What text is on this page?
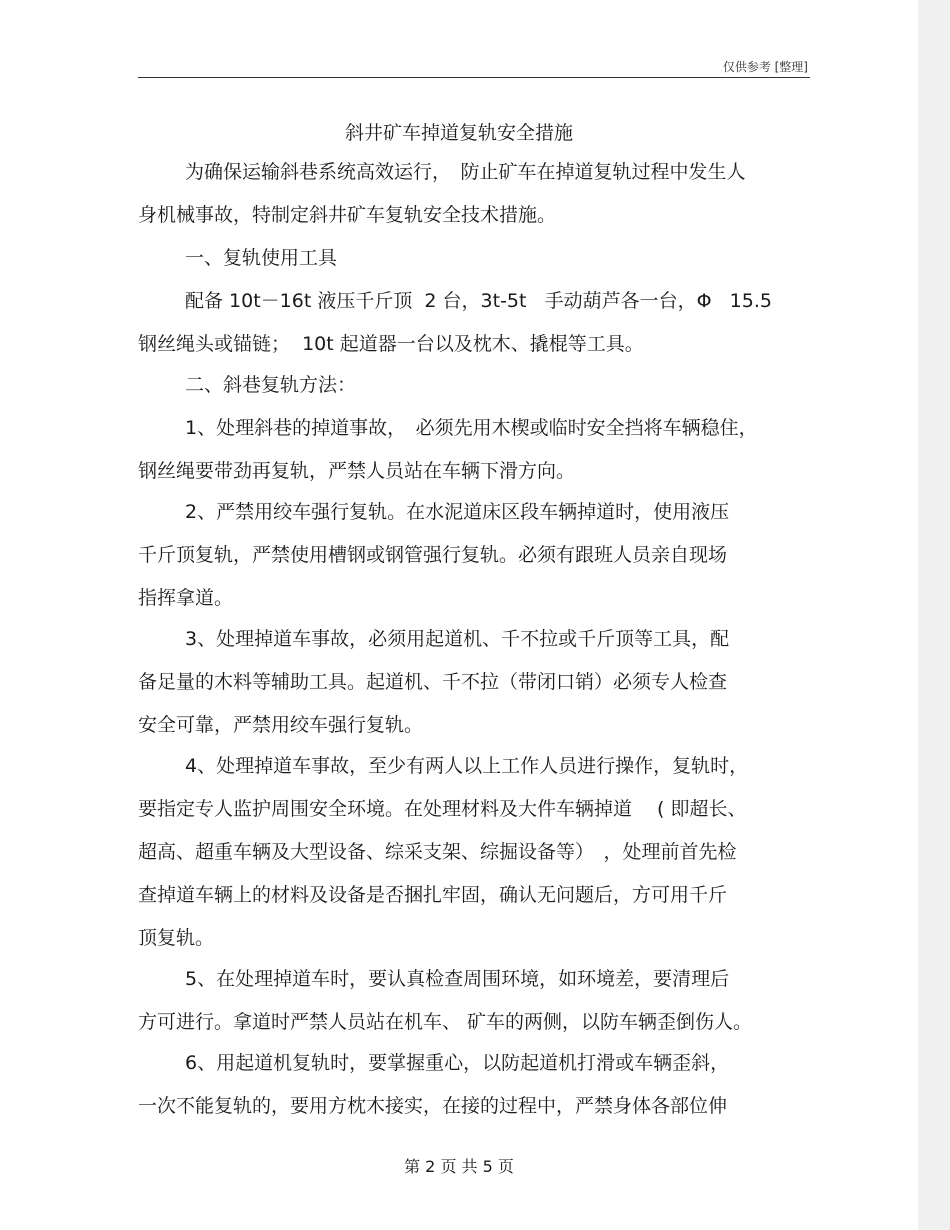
仅供参考 [整理]
斜井矿车掉道复轨安全措施
为确保运输斜巷系统高效运行，　防止矿车在掉道复轨过程中发生人
身机械事故，特制定斜井矿车复轨安全技术措施。
一、复轨使用工具
配备 10t－16t 液压千斤顶  2 台，3t-5t   手动葫芦各一台，Φ   15.5
钢丝绳头或锚链；  10t 起道器一台以及枕木、撬棍等工具。
二、斜巷复轨方法：
1、处理斜巷的掉道事故，　必须先用木楔或临时安全挡将车辆稳住，
钢丝绳要带劲再复轨，严禁人员站在车辆下滑方向。
2、严禁用绞车强行复轨。在水泥道床区段车辆掉道时，使用液压
千斤顶复轨，严禁使用槽钢或钢管强行复轨。必须有跟班人员亲自现场
指挥拿道。
3、处理掉道车事故，必须用起道机、千不拉或千斤顶等工具，配
备足量的木料等辅助工具。起道机、千不拉（带闭口销）必须专人检查
安全可靠，严禁用绞车强行复轨。
4、处理掉道车事故，至少有两人以上工作人员进行操作，复轨时，
要指定专人监护周围安全环境。在处理材料及大件车辆掉道　 ( 即超长、
超高、超重车辆及大型设备、综采支架、综掘设备等）　，处理前首先检
查掉道车辆上的材料及设备是否捆扎牢固，确认无问题后，方可用千斤
顶复轨。
5、在处理掉道车时，要认真检查周围环境，如环境差，要清理后
方可进行。拿道时严禁人员站在机车、 矿车的两侧，以防车辆歪倒伤人。
6、用起道机复轨时，要掌握重心，以防起道机打滑或车辆歪斜，
一次不能复轨的，要用方枕木接实，在接的过程中，严禁身体各部位伸
第 2 页 共 5 页
